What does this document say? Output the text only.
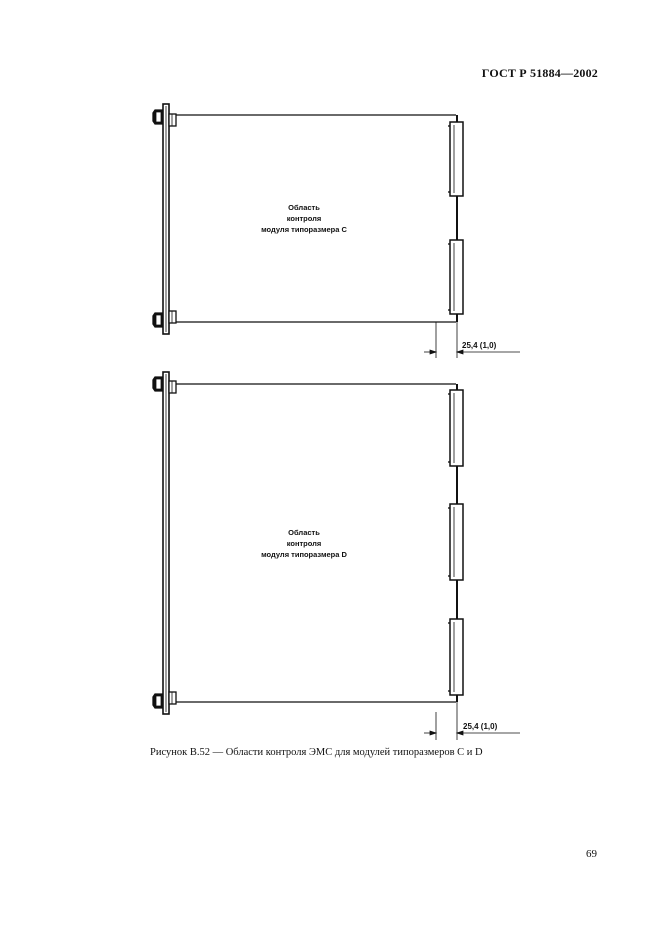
ГОСТ Р 51884—2002
Область
контроля
модуля типоразмера C
25,4 (1,0)
Область
контроля
модуля типоразмера D
25,4 (1,0)
Рисунок В.52 — Области контроля ЭМС для модулей типоразмеров C и D
69
